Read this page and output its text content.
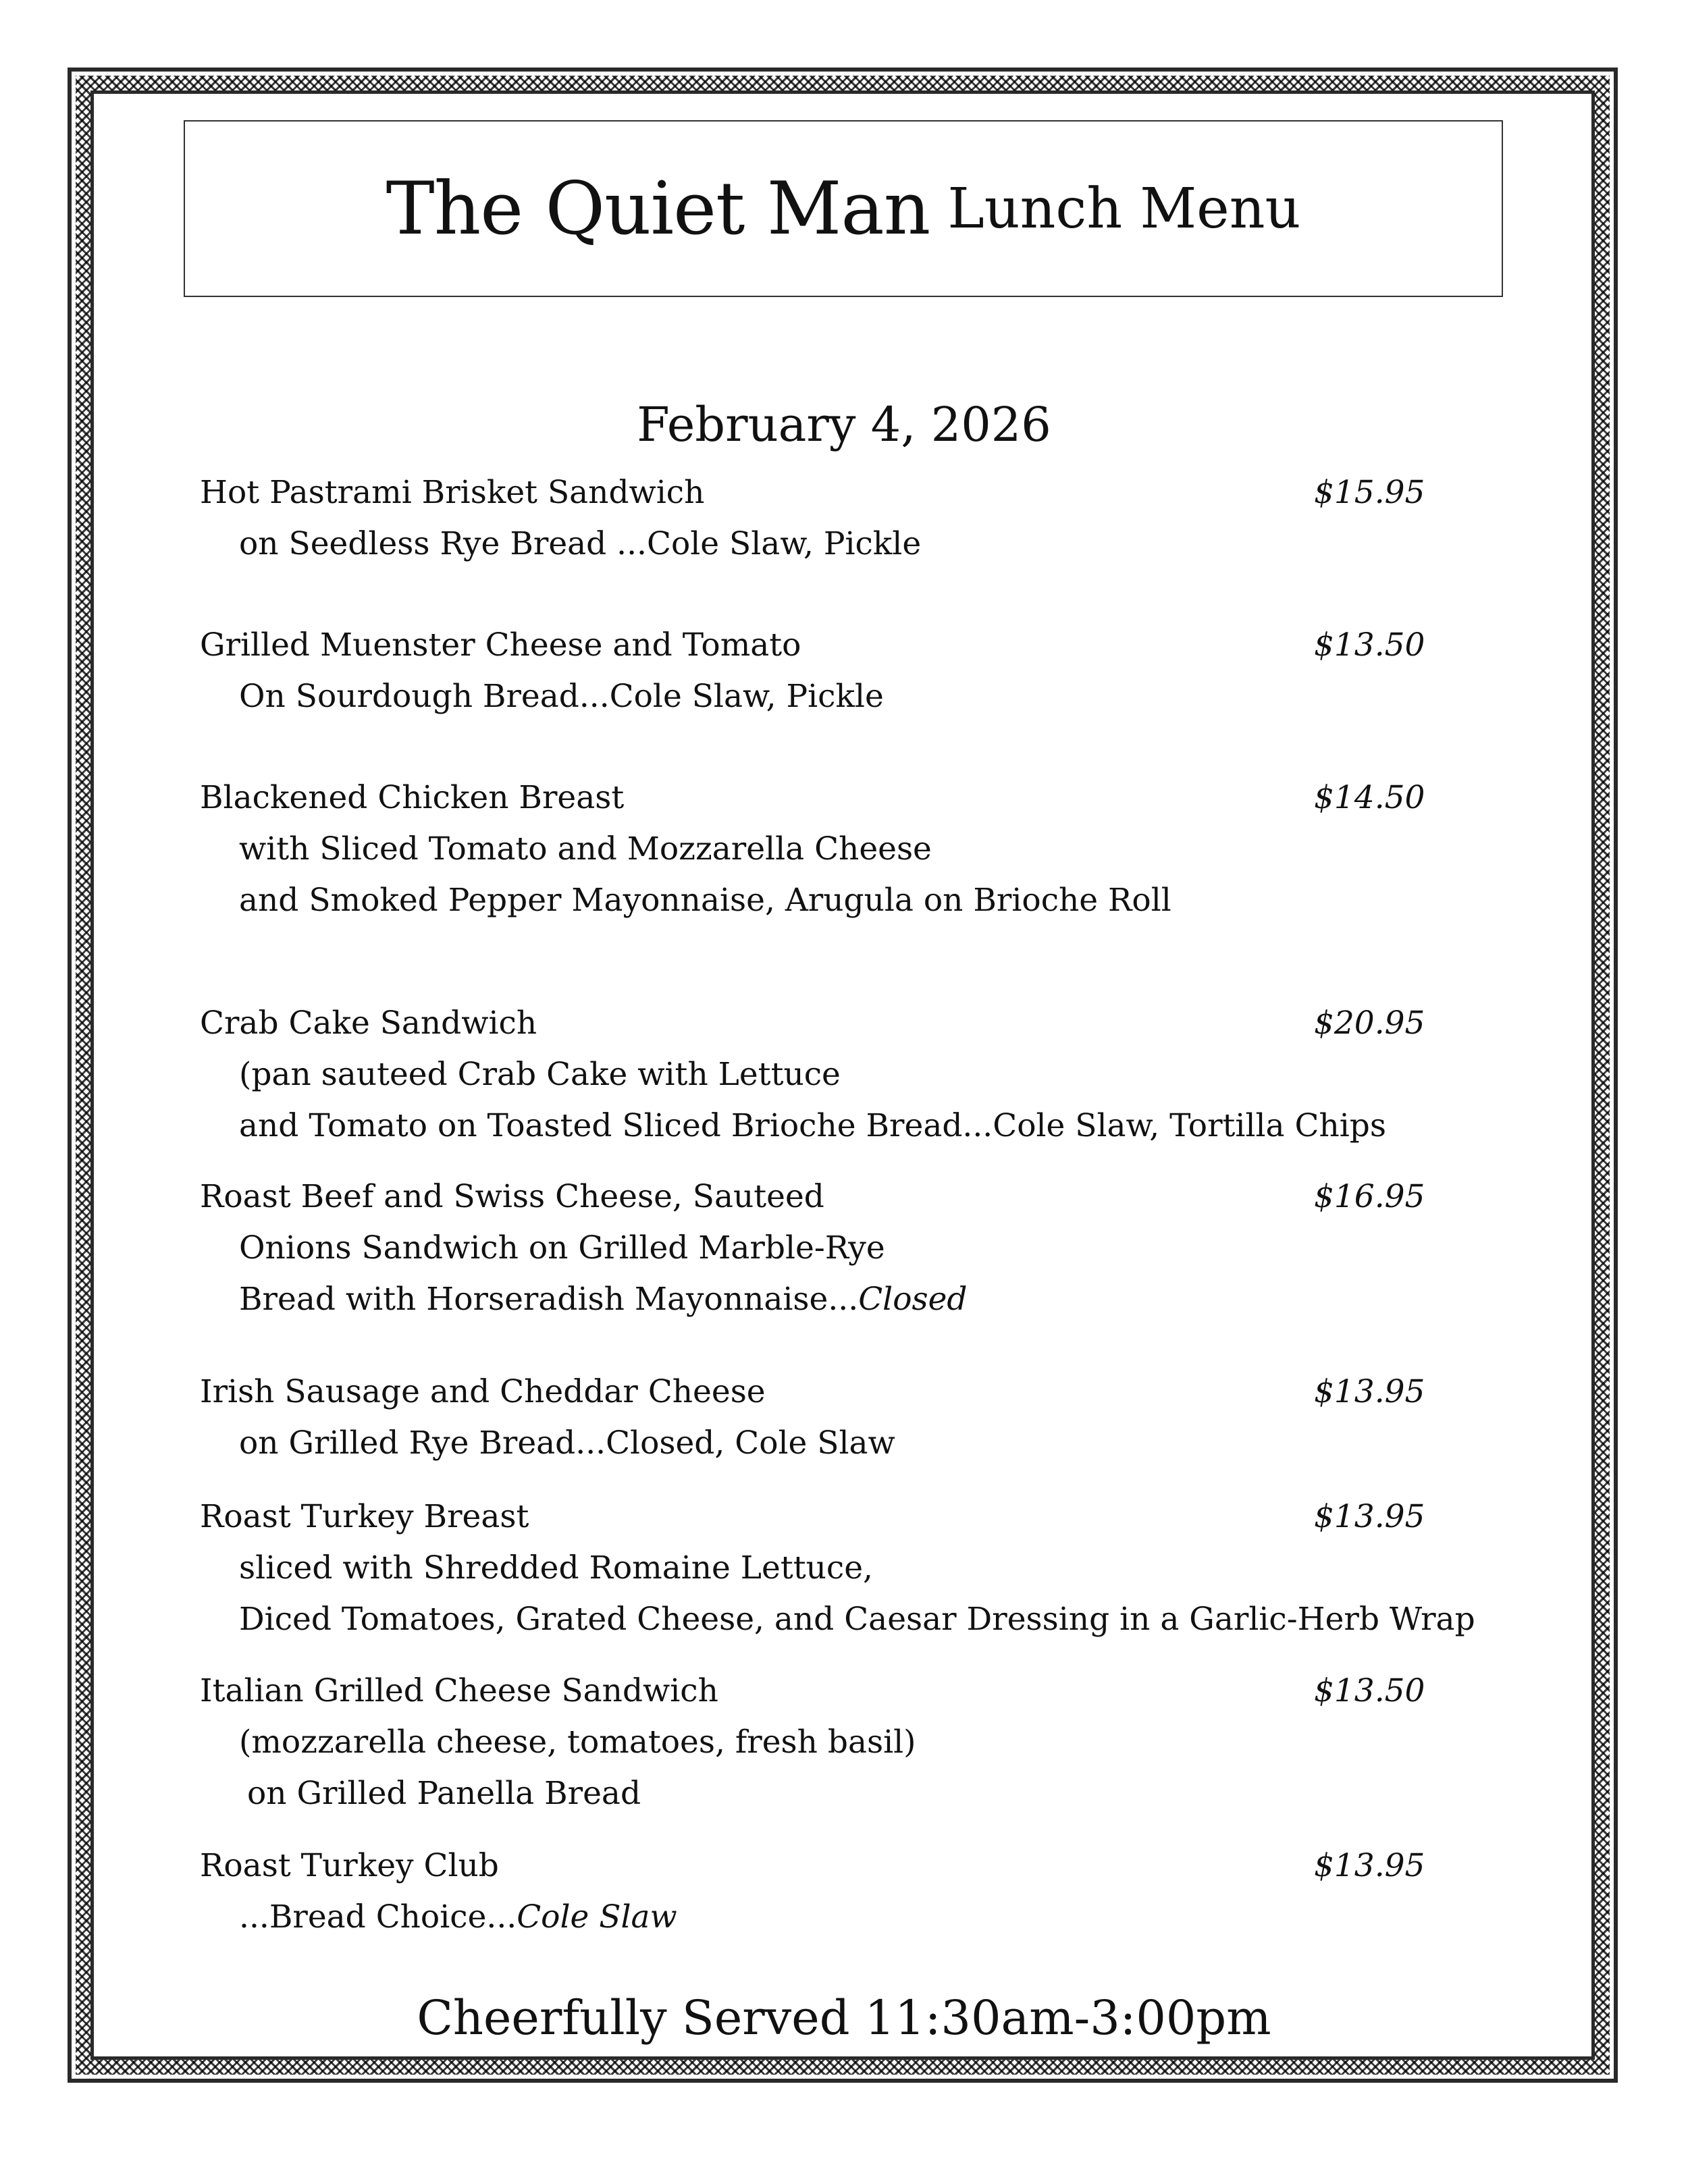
The Quiet Man Lunch Menu
February 4, 2026
Hot Pastrami Brisket Sandwich	$15.95
on Seedless Rye Bread ...Cole Slaw, Pickle
Grilled Muenster Cheese and Tomato	$13.50
On Sourdough Bread...Cole Slaw, Pickle
Blackened Chicken Breast	$14.50
with Sliced Tomato and Mozzarella Cheese
and Smoked Pepper Mayonnaise, Arugula on Brioche Roll
Crab Cake Sandwich	$20.95
(pan sauteed Crab Cake with Lettuce
and Tomato on Toasted Sliced Brioche Bread...Cole Slaw, Tortilla Chips
Roast Beef and Swiss Cheese, Sauteed	$16.95
Onions Sandwich on Grilled Marble-Rye
Bread with Horseradish Mayonnaise...Closed
Irish Sausage and Cheddar Cheese	$13.95
on Grilled Rye Bread...Closed, Cole Slaw
Roast Turkey Breast	$13.95
sliced with Shredded Romaine Lettuce,
Diced Tomatoes, Grated Cheese, and Caesar Dressing in a Garlic-Herb Wrap
Italian Grilled Cheese Sandwich	$13.50
(mozzarella cheese, tomatoes, fresh basil)
on Grilled Panella Bread
Roast Turkey Club	$13.95
...Bread Choice...Cole Slaw
Cheerfully Served 11:30am-3:00pm
